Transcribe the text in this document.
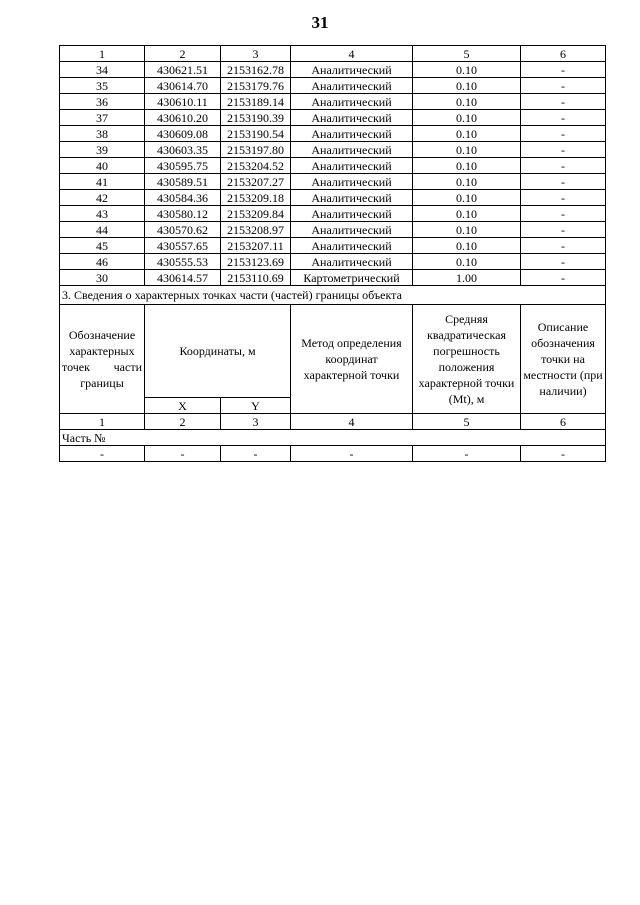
31
1	2	3	4	5	6
34	430621.51	2153162.78	Аналитический	0.10	-
35	430614.70	2153179.76	Аналитический	0.10	-
36	430610.11	2153189.14	Аналитический	0.10	-
37	430610.20	2153190.39	Аналитический	0.10	-
38	430609.08	2153190.54	Аналитический	0.10	-
39	430603.35	2153197.80	Аналитический	0.10	-
40	430595.75	2153204.52	Аналитический	0.10	-
41	430589.51	2153207.27	Аналитический	0.10	-
42	430584.36	2153209.18	Аналитический	0.10	-
43	430580.12	2153209.84	Аналитический	0.10	-
44	430570.62	2153208.97	Аналитический	0.10	-
45	430557.65	2153207.11	Аналитический	0.10	-
46	430555.53	2153123.69	Аналитический	0.10	-
30	430614.57	2153110.69	Картометрический	1.00	-
3. Сведения о характерных точках части (частей) границы объекта					

Обозначение
характерных
точек части
границы	Координаты, м		Метод определения координат характерной точки	Средняя квадратическая погрешность положения характерной точки (Mt), м	Описание обозначения точки на местности (при наличии)
	X	Y			
1	2	3	4	5	6
Часть №					
-	-	-	-	-	-
